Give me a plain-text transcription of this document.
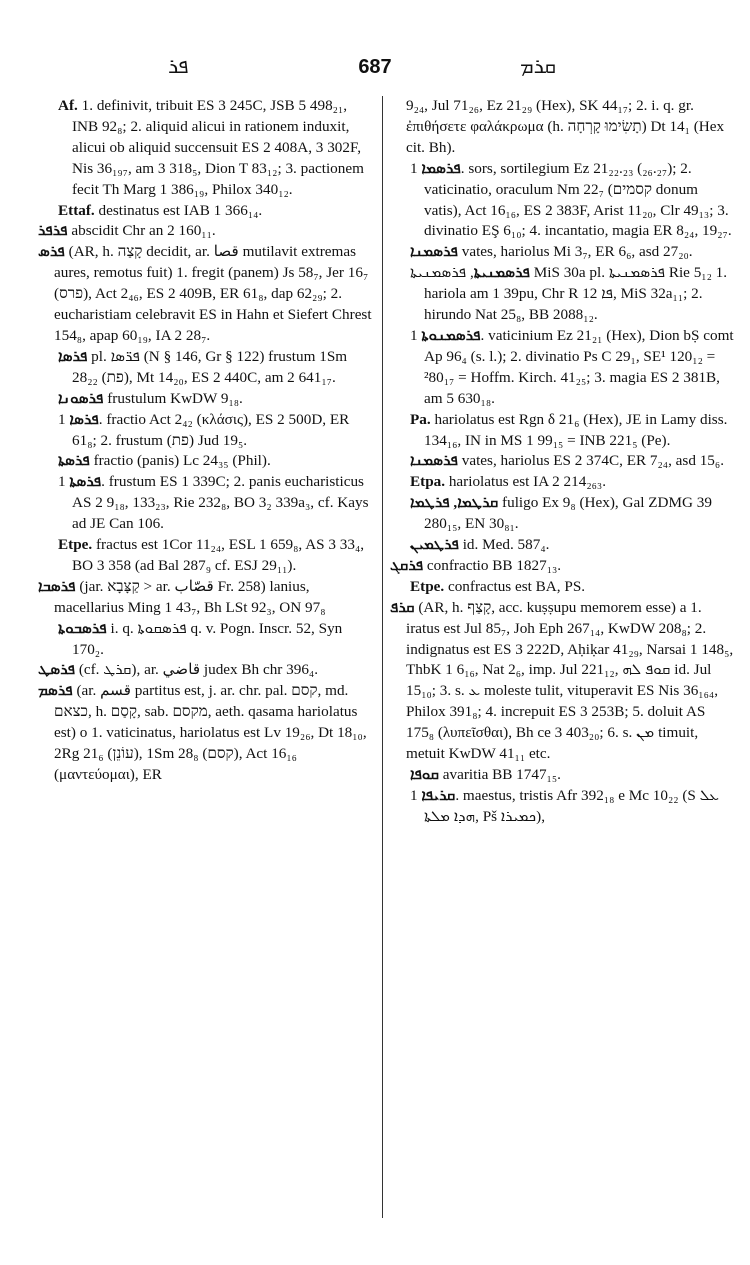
ܦܪ	687	ܩܪܡ

Af. 1. definivit, tribuit ES 3 245C, JSB 5 498₂₁, INB 92₈; 2. aliquid alicui in rationem induxit, alicui ob aliquid succensuit ES 2 408A, 3 302F, Nis 36₁₉₇, am 3 318₅, Dion T 83₁₂; 3. pactionem fecit Th Marg 1 386₁₉, Philox 340₁₂.

Ettaf. destinatus est IAB 1 366₁₄.

ܦܪܦܪ abscidit Chr an 2 160₁₁.

ܦܪܣ (AR, h. קָצַה decidit, ar. قصا mutilavit extremas aures, remotus fuit) 1. fregit (panem) Js 58₇, Jer 16₇ (פרס), Act 2₄₆, ES 2 409B, ER 61₈, dap 62₂₉; 2. eucharistiam celebravit ES in Hahn et Siefert Chrest 154₈, apap 60₁₉, IA 2 28₇.

ܦܪܣܐ pl. ܦܪ̈ܣܐ (N § 146, Gr § 122) frustum 1Sm 28₂₂ (פת), Mt 14₂₀, ES 2 440C, am 2 641₁₇.

ܦܪܣܘܢܐ frustulum KwDW 9₁₈.

ܦܪܣܐ 1. fractio Act 2₄₂ (κλάσις), ES 2 500D, ER 61₈; 2. frustum (פת) Jud 19₅.

ܦܪܣܬܐ fractio (panis) Lc 24₃₅ (Phil).

ܦܪܣܬܐ 1. frustum ES 1 339C; 2. panis eucharisticus AS 2 9₁₈, 133₂₃, Rie 232₈, BO 3₂ 339a₃, cf. Kays ad JE Can 106.

Etpe. fractus est 1Cor 11₂₄, ESL 1 659₈, AS 3 33₄, BO 3 358 (ad Bal 287₉ cf. ESJ 29₁₁).

ܦܪܣܒܐ (jar. קַצָּבָא > ar. قصّاب Fr. 258) lanius, macellarius Ming 1 43₇, Bh LSt 92₃, ON 97₈

ܦܪܣܒܘܬܐ i. q. ܦܪܣܩܘܬܐ q. v. Pogn. Inscr. 52, Syn 170₂.

ܦܪܣܛ (cf. ܩܪܛ), ar. قاضي judex Bh chr 396₄.

ܦܪܣܡ (ar. قسم partitus est, j. ar. chr. pal. קסם, md. כצאם, h. קָסַם, sab. מקסם, aeth. qasama hariolatus est) o 1. vaticinatus, hariolatus est Lv 19₂₆, Dt 18₁₀, 2Rg 21₆ (עוֹנֵן), 1Sm 28₈ (קסם), Act 16₁₆ (μαντεύομαι), ER

9₂₄, Jul 71₂₆, Ez 21₂₉ (Hex), SK 44₁₇; 2. i. q. gr. ἐπιθήσετε φαλάκρωμα (h. תָשִׂימוּ קָרְחָה) Dt 14₁ (Hex cit. Bh).

ܦܪܣܡܐ 1. sors, sortilegium Ez 21₂₂.₂₃ (₂₆.₂₇); 2. vaticinatio, oraculum Nm 22₇ (קסמים donum vatis), Act 16₁₆, ES 2 383F, Arist 11₂₀, Clr 49₁₃; 3. divinatio EŞ 6₁₀; 4. incantatio, magia ER 8₂₄, 19₂₇.

ܦܪܣܡܢܐ vates, hariolus Mi 3₇, ER 6₆, asd 27₂₀.

ܦܪܣܡܢܝܬܐ, ܦܪܣܡܢܝܬܐ MiS 30a pl. ܦܪܣܡܢܝܬܐ Rie 5₁₂ 1. hariola am 1 39pu, Chr R ܦܐ 12, MiS 32a₁₁; 2. hirundo Nat 25₈, BB 2088₁₂.

ܦܪܣܡܢܘܬܐ 1. vaticinium Ez 21₂₁ (Hex), Dion bṢ comt Ap 96₄ (s. l.); 2. divinatio Ps C 29₁, SE¹ 120₁₂ = ²80₁₇ = Hoffm. Kirch. 41₂₅; 3. magia ES 2 381B, am 5 630₁₈.

Pa. hariolatus est Rgn δ 21₆ (Hex), JE in Lamy diss. 134₁₆, IN in MS 1 99₁₅ = INB 221₅ (Pe).

ܦܪܣܡܢܐ vates, hariolus ES 2 374C, ER 7₂₄, asd 15₆.

Etpa. hariolatus est IA 2 214₂₆₃.

ܩܪܛܡܐ, ܦܪܛܡܐ fuligo Ex 9₈ (Hex), Gal ZDMG 39 280₁₅, EN 30₈₁.

ܦܪܛܡܝܢ id. Med. 587₄.

ܦܪܩܓ confractio BB 1827₁₃.

Etpe. confractus est BA, PS.

ܩܪܦ (AR, h. קָצַף, acc. kuṣṣupu memorem esse) a 1. iratus est Jul 85₇, Joh Eph 267₁₄, KwDW 208₈; 2. indignatus est ES 3 222D, Aḥiḳar 41₂₉, Narsai 1 148₅, ThbK 1 6₁₆, Nat 2₆, imp. Jul 221₁₂, ܩܘܦ ܠܗ id. Jul 15₁₀; 3. s. ܥ moleste tulit, vituperavit ES Nis 36₁₆₄, Philox 391₈; 4. increpuit ES 3 253B; 5. doluit AS 175₈ (λυπεῖσθαι), Bh ce 3 403₂₀; 6. s. ܡܢ timuit, metuit KwDW 41₁₁ etc.

ܩܘܦܐ avaritia BB 1747₁₅.

ܩܪܝܦܐ 1. maestus, tristis Afr 392₁₈ e Mc 10₂₂ (S ܥܠ ܗܕܐ ܡܠܬܐ, Pš ܟܡܝܪܐ),
